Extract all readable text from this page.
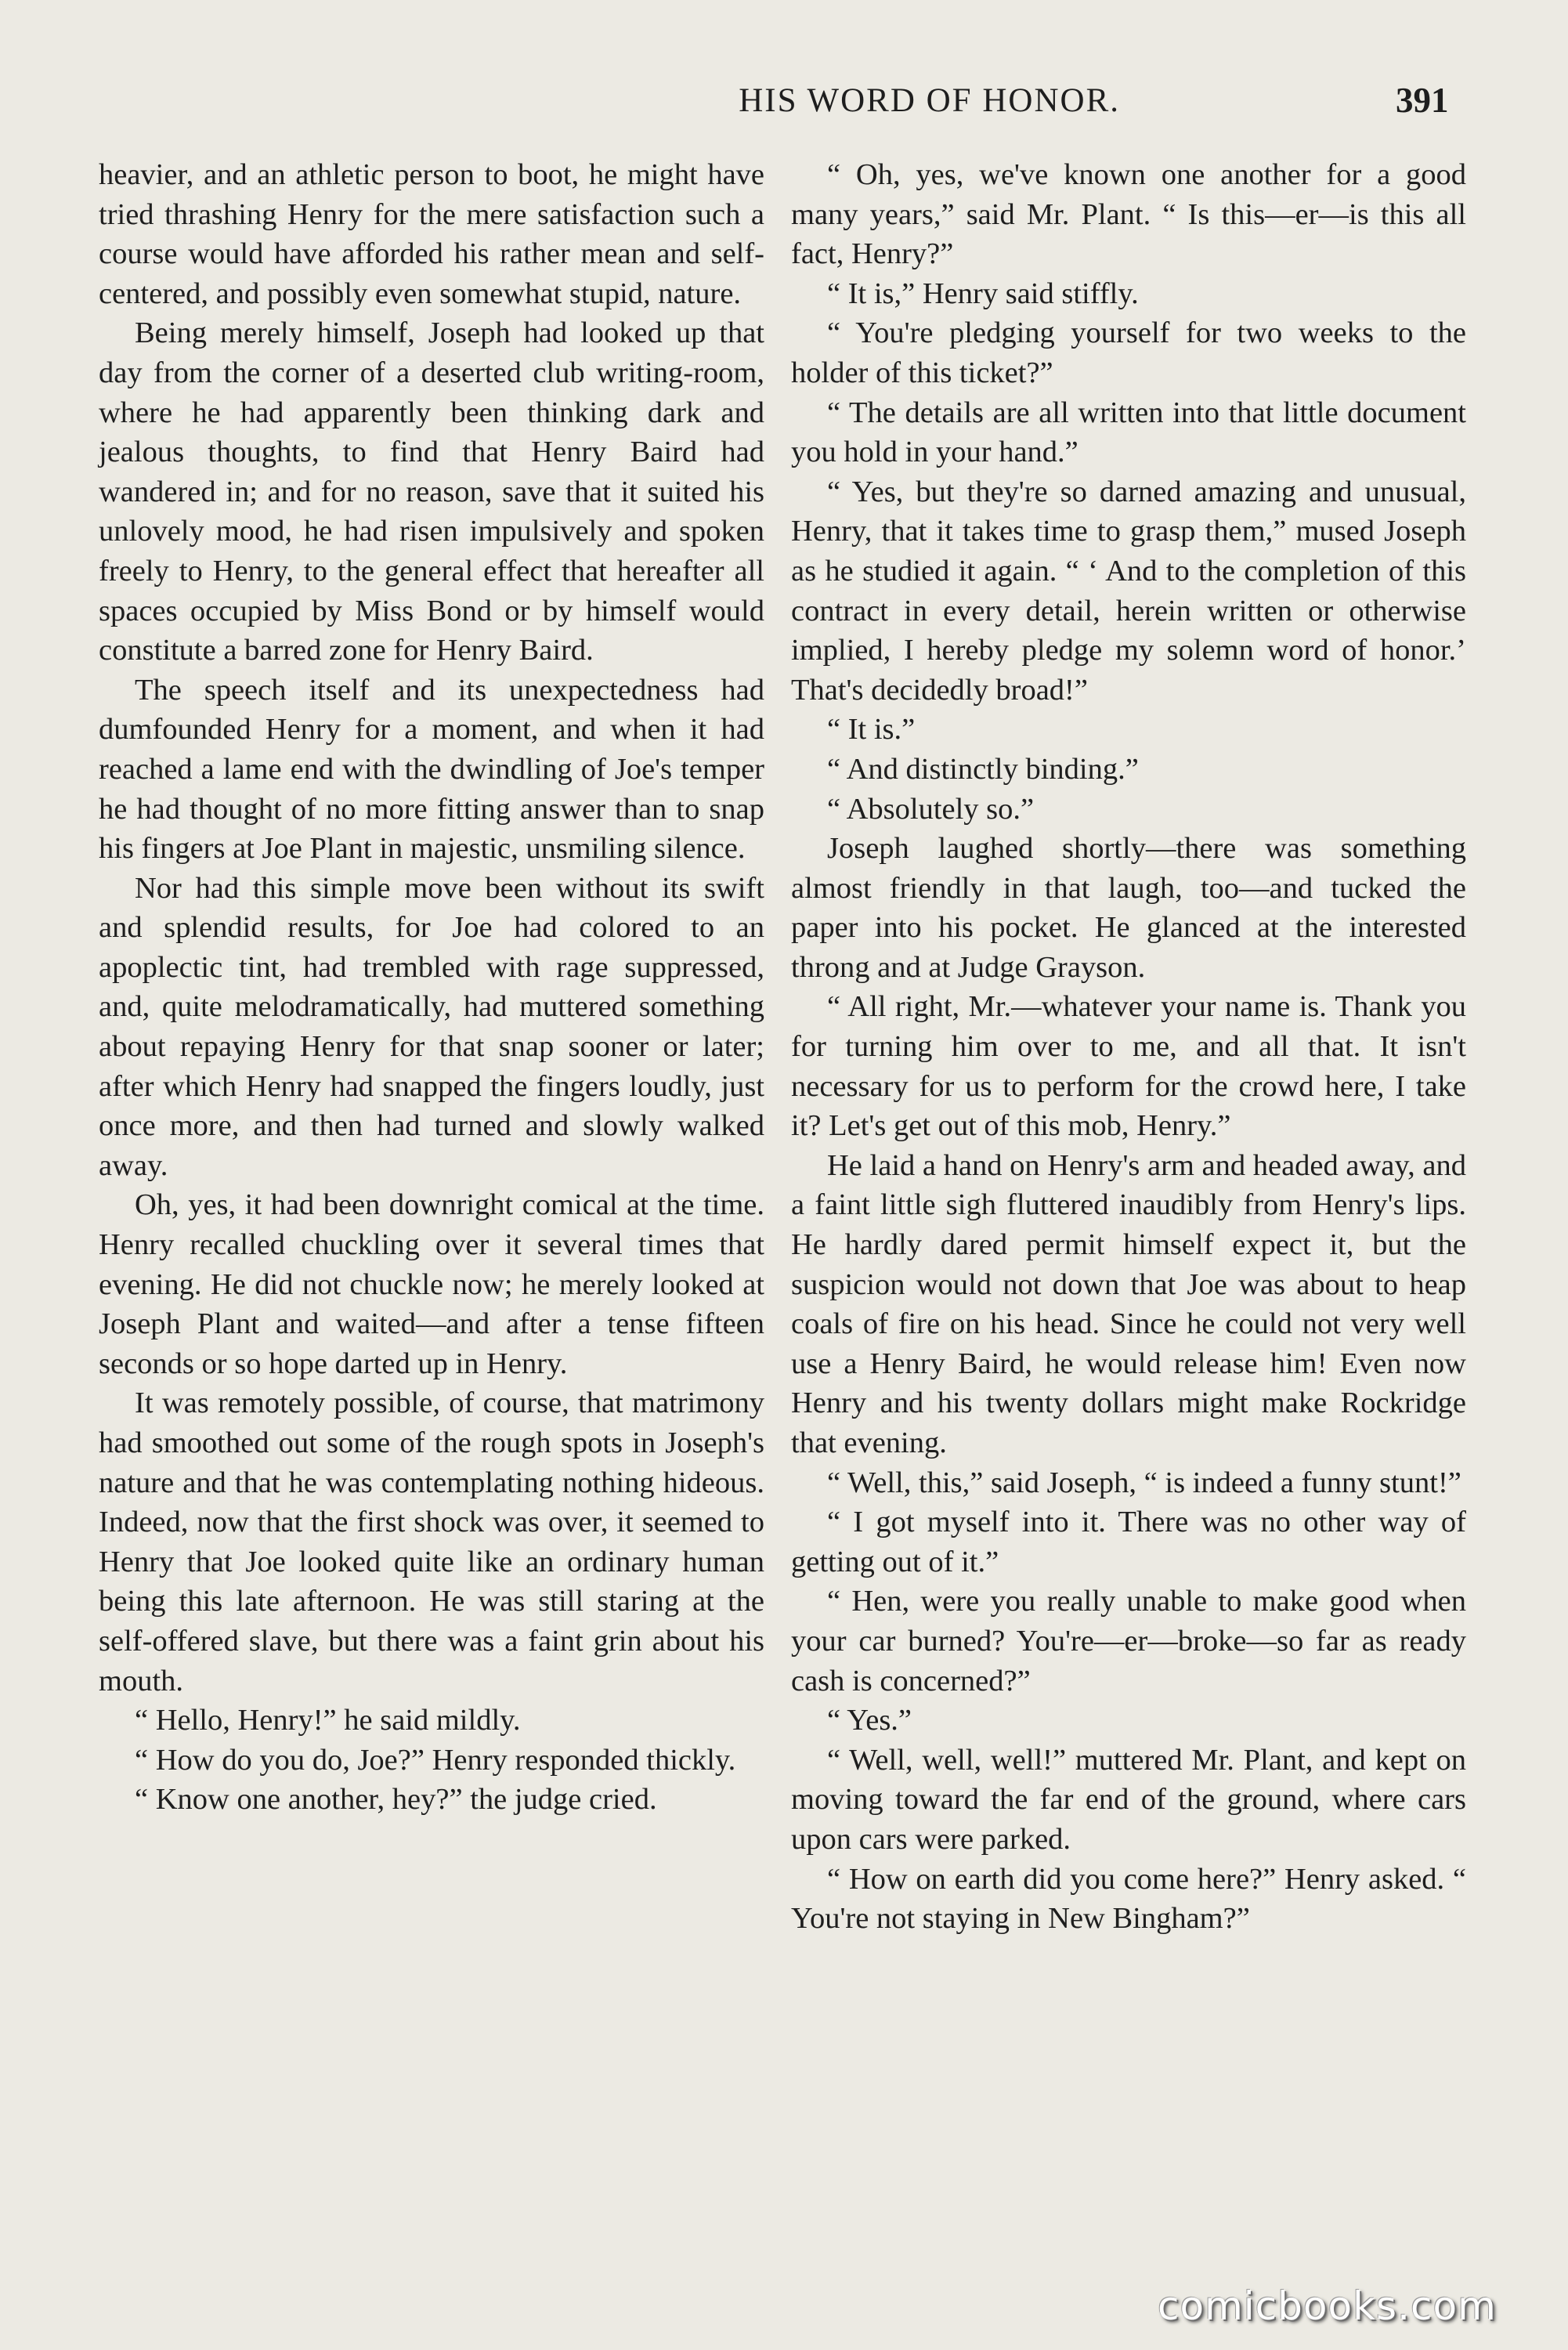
HIS WORD OF HONOR.	391

heavier, and an athletic person to boot, he might have tried thrashing Henry for the mere satisfaction such a course would have afforded his rather mean and self-centered, and possibly even somewhat stupid, nature.

Being merely himself, Joseph had looked up that day from the corner of a deserted club writing-room, where he had apparently been thinking dark and jealous thoughts, to find that Henry Baird had wandered in; and for no reason, save that it suited his unlovely mood, he had risen impulsively and spoken freely to Henry, to the general effect that hereafter all spaces occupied by Miss Bond or by himself would constitute a barred zone for Henry Baird.

The speech itself and its unexpectedness had dumfounded Henry for a moment, and when it had reached a lame end with the dwindling of Joe's temper he had thought of no more fitting answer than to snap his fingers at Joe Plant in majestic, unsmiling silence.

Nor had this simple move been without its swift and splendid results, for Joe had colored to an apoplectic tint, had trembled with rage suppressed, and, quite melodramatically, had muttered something about repaying Henry for that snap sooner or later; after which Henry had snapped the fingers loudly, just once more, and then had turned and slowly walked away.

Oh, yes, it had been downright comical at the time. Henry recalled chuckling over it several times that evening. He did not chuckle now; he merely looked at Joseph Plant and waited—and after a tense fifteen seconds or so hope darted up in Henry.

It was remotely possible, of course, that matrimony had smoothed out some of the rough spots in Joseph's nature and that he was contemplating nothing hideous. Indeed, now that the first shock was over, it seemed to Henry that Joe looked quite like an ordinary human being this late afternoon. He was still staring at the self-offered slave, but there was a faint grin about his mouth.

“ Hello, Henry!” he said mildly.

“ How do you do, Joe?” Henry responded thickly.

“ Know one another, hey?” the judge cried.

“ Oh, yes, we've known one another for a good many years,” said Mr. Plant. “ Is this—er—is this all fact, Henry?”

“ It is,” Henry said stiffly.

“ You're pledging yourself for two weeks to the holder of this ticket?”

“ The details are all written into that little document you hold in your hand.”

“ Yes, but they're so darned amazing and unusual, Henry, that it takes time to grasp them,” mused Joseph as he studied it again. “ ‘ And to the completion of this contract in every detail, herein written or otherwise implied, I hereby pledge my solemn word of honor.’ That's decidedly broad!”

“ It is.”

“ And distinctly binding.”

“ Absolutely so.”

Joseph laughed shortly—there was something almost friendly in that laugh, too—and tucked the paper into his pocket. He glanced at the interested throng and at Judge Grayson.

“ All right, Mr.—whatever your name is. Thank you for turning him over to me, and all that. It isn't necessary for us to perform for the crowd here, I take it? Let's get out of this mob, Henry.”

He laid a hand on Henry's arm and headed away, and a faint little sigh fluttered inaudibly from Henry's lips. He hardly dared permit himself expect it, but the suspicion would not down that Joe was about to heap coals of fire on his head. Since he could not very well use a Henry Baird, he would release him! Even now Henry and his twenty dollars might make Rockridge that evening.

“ Well, this,” said Joseph, “ is indeed a funny stunt!”

“ I got myself into it. There was no other way of getting out of it.”

“ Hen, were you really unable to make good when your car burned? You're—er—broke—so far as ready cash is concerned?”

“ Yes.”

“ Well, well, well!” muttered Mr. Plant, and kept on moving toward the far end of the ground, where cars upon cars were parked.

“ How on earth did you come here?” Henry asked. “ You're not staying in New Bingham?”

comicbooks.com
